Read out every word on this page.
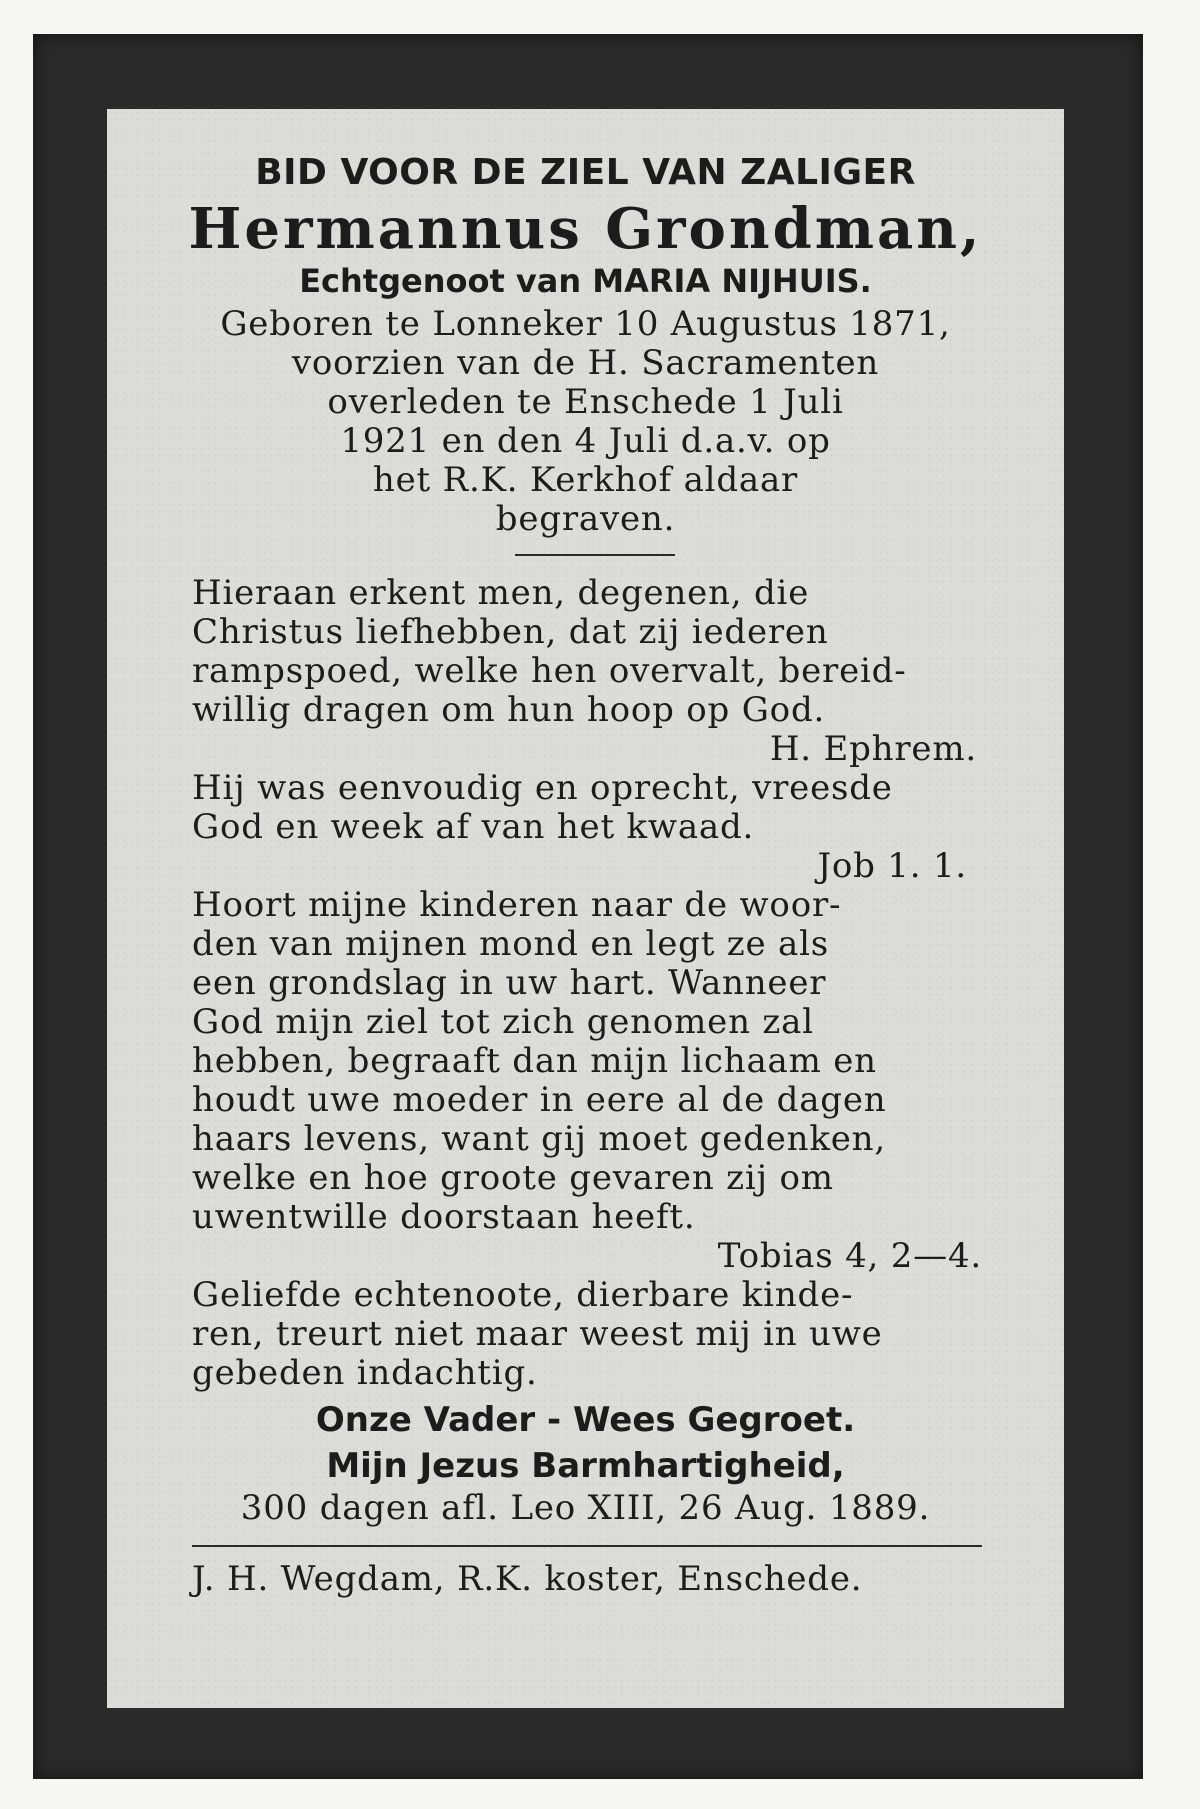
BID VOOR DE ZIEL VAN ZALIGER
Hermannus Grondman,
Echtgenoot van MARIA NIJHUIS.
Geboren te Lonneker 10 Augustus 1871,
voorzien van de H. Sacramenten
overleden te Enschede 1 Juli
1921 en den 4 Juli d.a.v. op
het R.K. Kerkhof aldaar
begraven.
Hieraan erkent men, degenen, die
Christus liefhebben, dat zij iederen
rampspoed, welke hen overvalt, bereid-
willig dragen om hun hoop op God.
H. Ephrem.
Hij was eenvoudig en oprecht, vreesde
God en week af van het kwaad.
Job 1. 1.
Hoort mijne kinderen naar de woor-
den van mijnen mond en legt ze als
een grondslag in uw hart. Wanneer
God mijn ziel tot zich genomen zal
hebben, begraaft dan mijn lichaam en
houdt uwe moeder in eere al de dagen
haars levens, want gij moet gedenken,
welke en hoe groote gevaren zij om
uwentwille doorstaan heeft.
Tobias 4, 2—4.
Geliefde echtenoote, dierbare kinde-
ren, treurt niet maar weest mij in uwe
gebeden indachtig.
Onze Vader - Wees Gegroet.
Mijn Jezus Barmhartigheid,
300 dagen afl. Leo XIII, 26 Aug. 1889.
J. H. Wegdam, R.K. koster, Enschede.
